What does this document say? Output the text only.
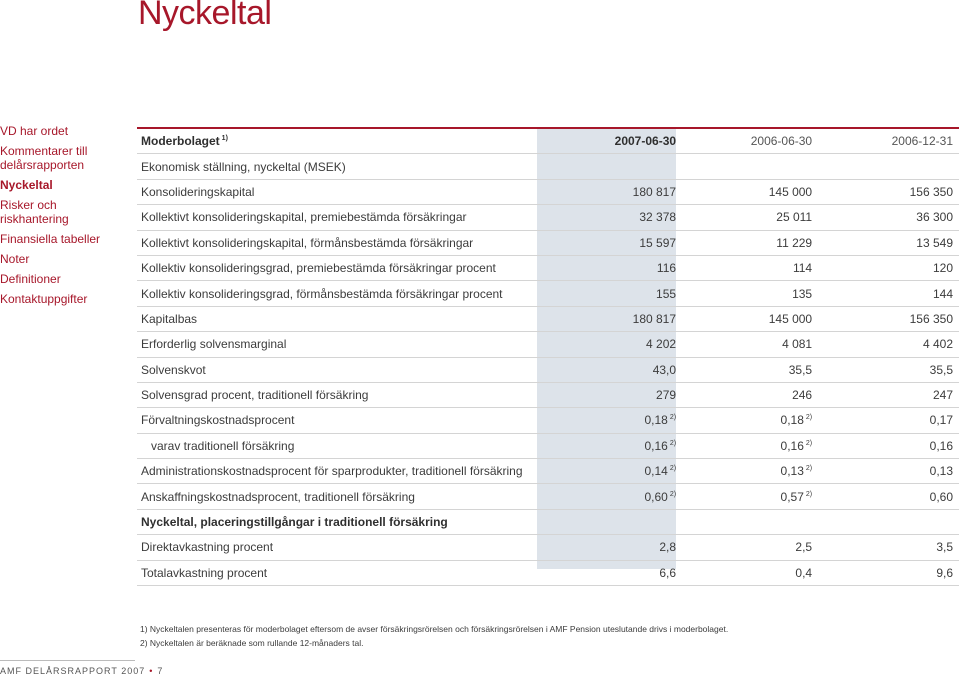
Nyckeltal
VD har ordet
Kommentarer till delårsrapporten
Nyckeltal
Risker och riskhantering
Finansiella tabeller
Noter
Definitioner
Kontaktuppgifter
Moderbolaget $^{1)}$	2007-06-30	2006-06-30	2006-12-31
Ekonomisk ställning, nyckeltal (MSEK)			
Konsolideringskapital	180 817	145 000	156 350
Kollektivt konsolideringskapital, premiebestämda försäkringar	32 378	25 011	36 300
Kollektivt konsolideringskapital, förmånsbestämda försäkringar	15 597	11 229	13 549
Kollektiv konsolideringsgrad, premiebestämda försäkringar procent	116	114	120
Kollektiv konsolideringsgrad, förmånsbestämda försäkringar procent	155	135	144
Kapitalbas	180 817	145 000	156 350
Erforderlig solvensmarginal	4 202	4 081	4 402
Solvenskvot	43,0	35,5	35,5
Solvensgrad procent, traditionell försäkring	279	246	247
Förvaltningskostnadsprocent	0,18 $^{2)}$	0,18 $^{2)}$	0,17
varav traditionell försäkring	0,16 $^{2)}$	0,16 $^{2)}$	0,16
Administrationskostnadsprocent för sparprodukter, traditionell försäkring	0,14 $^{2)}$	0,13 $^{2)}$	0,13
Anskaffningskostnadsprocent, traditionell försäkring	0,60 $^{2)}$	0,57 $^{2)}$	0,60
Nyckeltal, placeringstillgångar i traditionell försäkring			
Direktavkastning procent	2,8	2,5	3,5
Totalavkastning procent	6,6	0,4	9,6
1) Nyckeltalen presenteras för moderbolaget eftersom de avser försäkringsrörelsen och försäkringsrörelsen i AMF Pension uteslutande drivs i moderbolaget.
2) Nyckeltalen är beräknade som rullande 12-månaders tal.
AMF DELÅRSRAPPORT 2007 • 7
